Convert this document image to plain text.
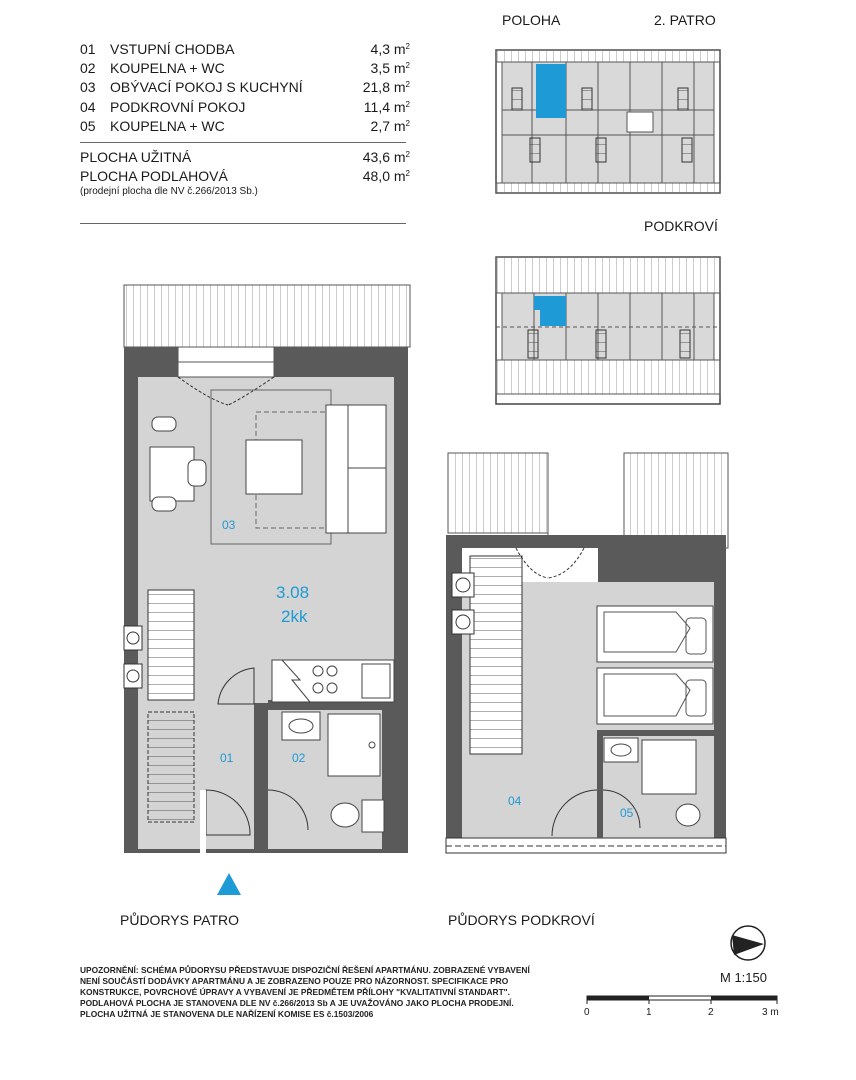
01	VSTUPNÍ CHODBA	4,3 $m^2$
02	KOUPELNA + WC	3,5 $m^2$
03	OBÝVACÍ POKOJ S KUCHYNÍ	21,8 $m^2$
04	PODKROVNÍ POKOJ	11,4 $m^2$
05	KOUPELNA + WC	2,7 $m^2$
PLOCHA UŽITNÁ	43,6 $m^2$
PLOCHA PODLAHOVÁ	48,0 $m^2$
(prodejní plocha dle NV č.266/2013 Sb.)
POLOHA	2. PATRO
PODKROVÍ
03
3.08
2kk
01	02
04
05
PŮDORYS PATRO	PŮDORYS PODKROVÍ
M 1:150
0	1	2	3 m
UPOZORNĚNÍ: SCHÉMA PŮDORYSU PŘEDSTAVUJE DISPOZIČNÍ ŘEŠENÍ APARTMÁNU. ZOBRAZENÉ VYBAVENÍ
NENÍ SOUČÁSTÍ DODÁVKY APARTMÁNU A JE ZOBRAZENO POUZE PRO NÁZORNOST. SPECIFIKACE PRO
KONSTRUKCE, POVRCHOVÉ ÚPRAVY A VYBAVENÍ JE PŘEDMĚTEM PŘÍLOHY "KVALITATIVNÍ STANDART".
PODLAHOVÁ PLOCHA JE STANOVENA DLE NV č.266/2013 Sb A JE UVAŽOVÁNO JAKO PLOCHA PRODEJNÍ.
PLOCHA UŽITNÁ JE STANOVENA DLE NAŘÍZENÍ KOMISE ES č.1503/2006
